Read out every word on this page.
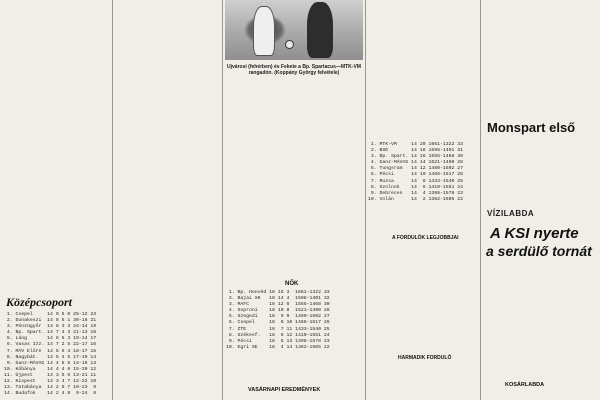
Középcsoport
1. Csepel     14 9 5 0 25-12 23
2. Dunakeszi  14 8 5 1 30-16 21
3. Pénzügyőr  14 8 3 3 24-14 19
4. Bp. Spart. 14 7 4 3 21-13 18
5. Láng       14 6 5 3 19-14 17
6. Vasas Izz. 14 7 2 5 22-17 16
7. MÁV Előre  14 5 5 4 18-17 15
8. Nagybát.   14 5 4 5 17-19 14
9. Ganz-MÁVAG 14 4 5 5 14-16 13
10. Kőbánya    14 4 4 6 15-20 12
11. Újpest     14 3 5 6 13-21 11
12. Kispest    14 3 4 7 12-22 10
13. Tatabánya  14 2 5 7 10-23  9
14. Budafok    14 2 4 8  9-24  8
Ujvárosi (fehérben) és Fekete a Bp. Spartacus—MTK-VM rangadón. (Koppány György felvétele)
NŐK
VASÁRNAPI EREDMÉNYEK
1. Bp. Honvéd 18 15 3  1661-1322 33
2. Bajai SK   18 14 4  1598-1401 32
3. MAFC       18 12 6  1555-1468 30
4. Soproni    18 10 8  1521-1490 28
5. Szegedi    18  9 9  1480-1502 27
6. Csepel     18  8 10 1466-1517 26
7. ZTE        18  7 11 1433-1540 25
8. Székesf.   18  6 12 1410-1551 24
9. Pécsi      18  5 13 1398-1578 23
10. Egri SE    18  4 14 1362-1605 22
1. MTK-VM     14 20 1661-1322 33
2. BSE        14 18 1598-1401 31
3. Bp. Spart. 14 16 1555-1468 30
4. Ganz-MÁVAG 14 14 1521-1490 28
5. Tungsram   14 12 1480-1502 27
6. Pécsi      14 10 1466-1517 26
7. Ruzsa      14  8 1433-1540 25
8. Szolnok    14  6 1410-1551 24
9. Debrecen   14  4 1398-1578 23
10. Volán      14  2 1362-1605 22
A FORDULÓK LEGJOBBJAI
HARMADIK FORDULÓ
Monspart első
VÍZILABDA
A KSI nyerte
a serdülő tornát
KOSÁRLABDA
